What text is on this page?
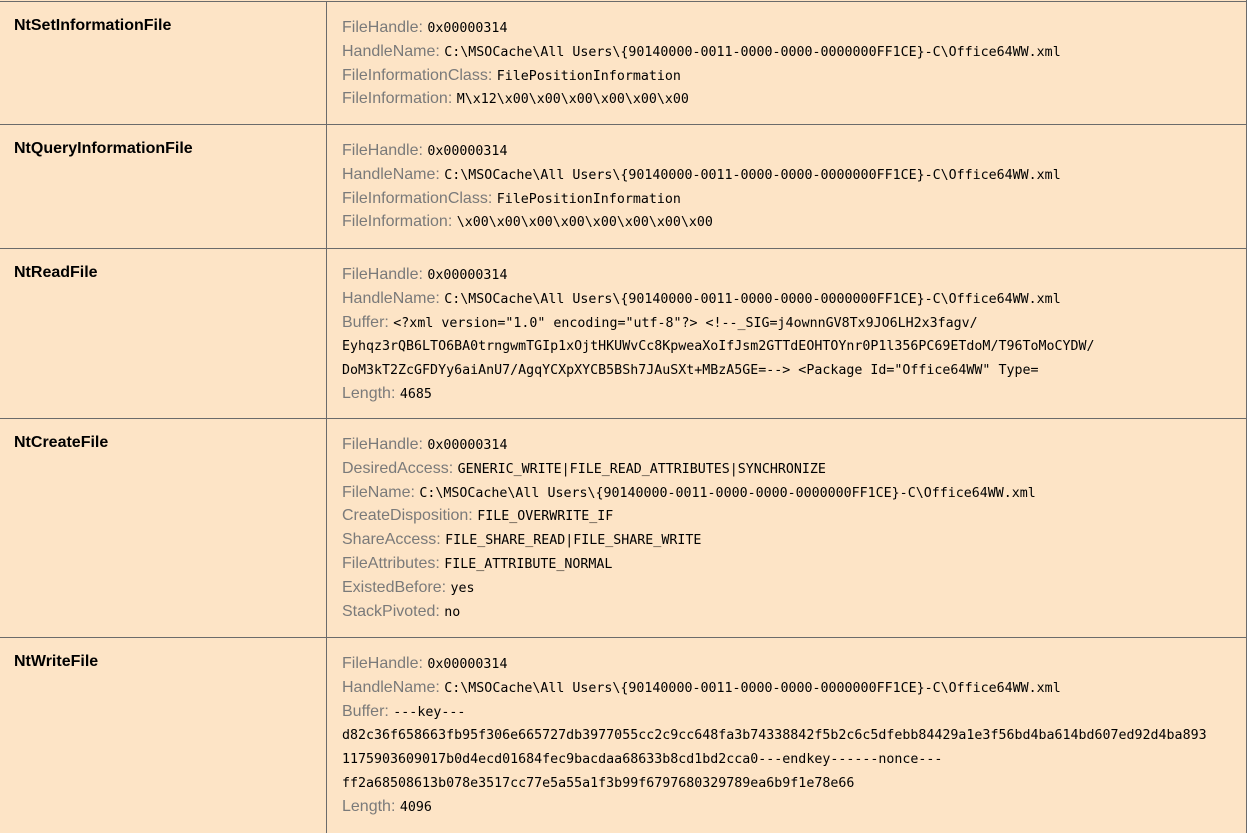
NtSetInformationFile	FileHandle: 0x00000314
HandleName: C:\MSOCache\All Users\{90140000-0011-0000-0000-0000000FF1CE}-C\Office64WW.xml
FileInformationClass: FilePositionInformation
FileInformation: M\x12\x00\x00\x00\x00\x00\x00
NtQueryInformationFile	FileHandle: 0x00000314
HandleName: C:\MSOCache\All Users\{90140000-0011-0000-0000-0000000FF1CE}-C\Office64WW.xml
FileInformationClass: FilePositionInformation
FileInformation: \x00\x00\x00\x00\x00\x00\x00\x00
NtReadFile	FileHandle: 0x00000314
HandleName: C:\MSOCache\All Users\{90140000-0011-0000-0000-0000000FF1CE}-C\Office64WW.xml
Buffer: <?xml version="1.0" encoding="utf-8"?> <!--_SIG=j4ownnGV8Tx9JO6LH2x3fagv/
Eyhqz3rQB6LTO6BA0trngwmTGIp1xOjtHKUWvCc8KpweaXoIfJsm2GTTdEOHTOYnr0P1l356PC69ETdoM/T96ToMoCYDW/
DoM3kT2ZcGFDYy6aiAnU7/AgqYCXpXYCB5BSh7JAuSXt+MBzA5GE=--> <Package Id="Office64WW" Type=
Length: 4685
NtCreateFile	FileHandle: 0x00000314
DesiredAccess: GENERIC_WRITE|FILE_READ_ATTRIBUTES|SYNCHRONIZE
FileName: C:\MSOCache\All Users\{90140000-0011-0000-0000-0000000FF1CE}-C\Office64WW.xml
CreateDisposition: FILE_OVERWRITE_IF
ShareAccess: FILE_SHARE_READ|FILE_SHARE_WRITE
FileAttributes: FILE_ATTRIBUTE_NORMAL
ExistedBefore: yes
StackPivoted: no
NtWriteFile	FileHandle: 0x00000314
HandleName: C:\MSOCache\All Users\{90140000-0011-0000-0000-0000000FF1CE}-C\Office64WW.xml
Buffer: ---key---
d82c36f658663fb95f306e665727db3977055cc2c9cc648fa3b74338842f5b2c6c5dfebb84429a1e3f56bd4ba614bd607ed92d4ba893
1175903609017b0d4ecd01684fec9bacdaa68633b8cd1bd2cca0---endkey------nonce---
ff2a68508613b078e3517cc77e5a55a1f3b99f6797680329789ea6b9f1e78e66
Length: 4096
